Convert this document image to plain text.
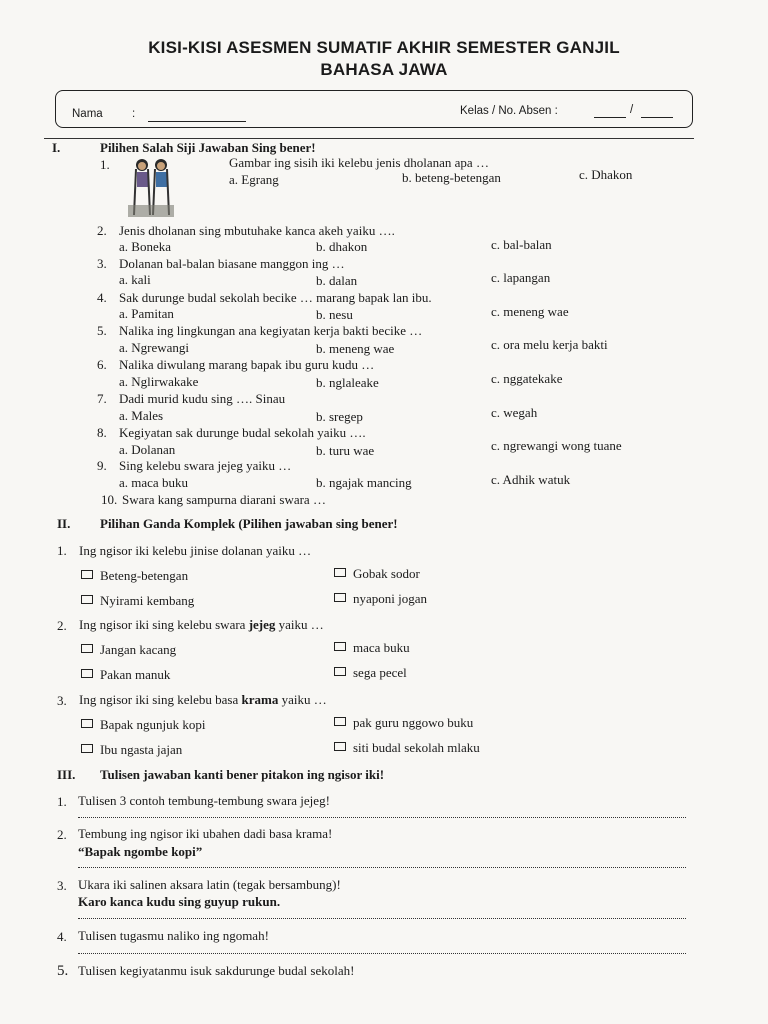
KISI-KISI ASESMEN SUMATIF AKHIR SEMESTER GANJIL
BAHASA JAWA
Nama	:	Kelas / No. Absen :	/
I.	Pilihen Salah Siji Jawaban Sing bener!
1.	Gambar ing sisih iki kelebu jenis dholanan apa …
a. Egrang	b. beteng-betengan	c. Dhakon
2. Jenis dholanan sing mbutuhake kanca akeh yaiku ….
a. Boneka	b. dhakon	c. bal-balan
3. Dolanan bal-balan biasane manggon ing …
a. kali	b. dalan	c. lapangan
4. Sak durunge budal sekolah becike … marang bapak lan ibu.
a. Pamitan	b. nesu	c. meneng wae
5. Nalika ing lingkungan ana kegiyatan kerja bakti becike …
a. Ngrewangi	b. meneng wae	c. ora melu kerja bakti
6. Nalika diwulang marang bapak ibu guru kudu …
a. Nglirwakake	b. nglaleake	c. nggatekake
7. Dadi murid kudu sing …. Sinau
a. Males	b. sregep	c. wegah
8. Kegiyatan sak durunge budal sekolah yaiku ….
a. Dolanan	b. turu wae	c. ngrewangi wong tuane
9. Sing kelebu swara jejeg yaiku …
a. maca buku	b. ngajak mancing	c. Adhik watuk
10. Swara kang sampurna diarani swara …
II. Pilihan Ganda Komplek (Pilihen jawaban sing bener!
1. Ing ngisor iki kelebu jinise dolanan yaiku …
Beteng-betengan	Gobak sodor
Nyirami kembang	nyaponi jogan
2. Ing ngisor iki sing kelebu swara jejeg yaiku …
Jangan kacang	maca buku
Pakan manuk	sega pecel
3. Ing ngisor iki sing kelebu basa krama yaiku …
Bapak ngunjuk kopi	pak guru nggowo buku
Ibu ngasta jajan	siti budal sekolah mlaku
III. Tulisen jawaban kanti bener pitakon ing ngisor iki!
1. Tulisen 3 contoh tembung-tembung swara jejeg!
2. Tembung ing ngisor iki ubahen dadi basa krama!
“Bapak ngombe kopi”
3. Ukara iki salinen aksara latin (tegak bersambung)!
Karo kanca kudu sing guyup rukun.
4. Tulisen tugasmu naliko ing ngomah!
5. Tulisen kegiyatanmu isuk sakdurunge budal sekolah!
